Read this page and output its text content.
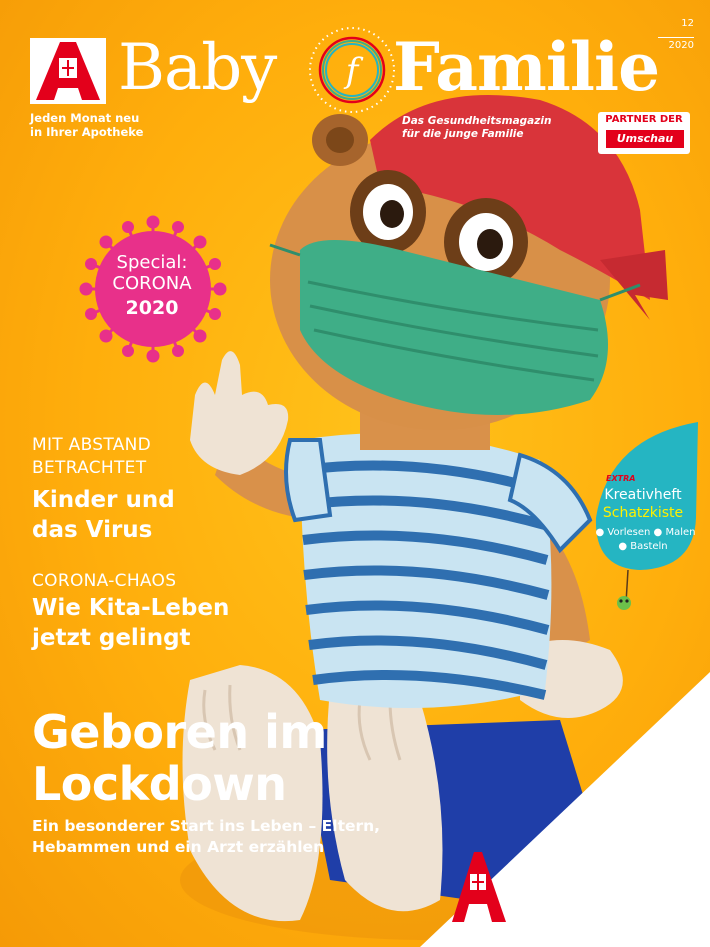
Jeden Monat neu
in Ihrer Apotheke
Baby f Familie
12
2020
Das Gesundheitsmagazin
für die junge Familie
PARTNER DER
Umschau
Special:
CORONA
2020
MIT ABSTAND
BETRACHTET
Kinder und
das Virus
CORONA-CHAOS
Wie Kita-Leben
jetzt gelingt
Geboren im
Lockdown
Ein besonderer Start ins Leben – Eltern,
Hebammen und ein Arzt erzählen
EXTRA
Kreativheft
Schatzkiste
● Vorlesen ● Malen
● Basteln
